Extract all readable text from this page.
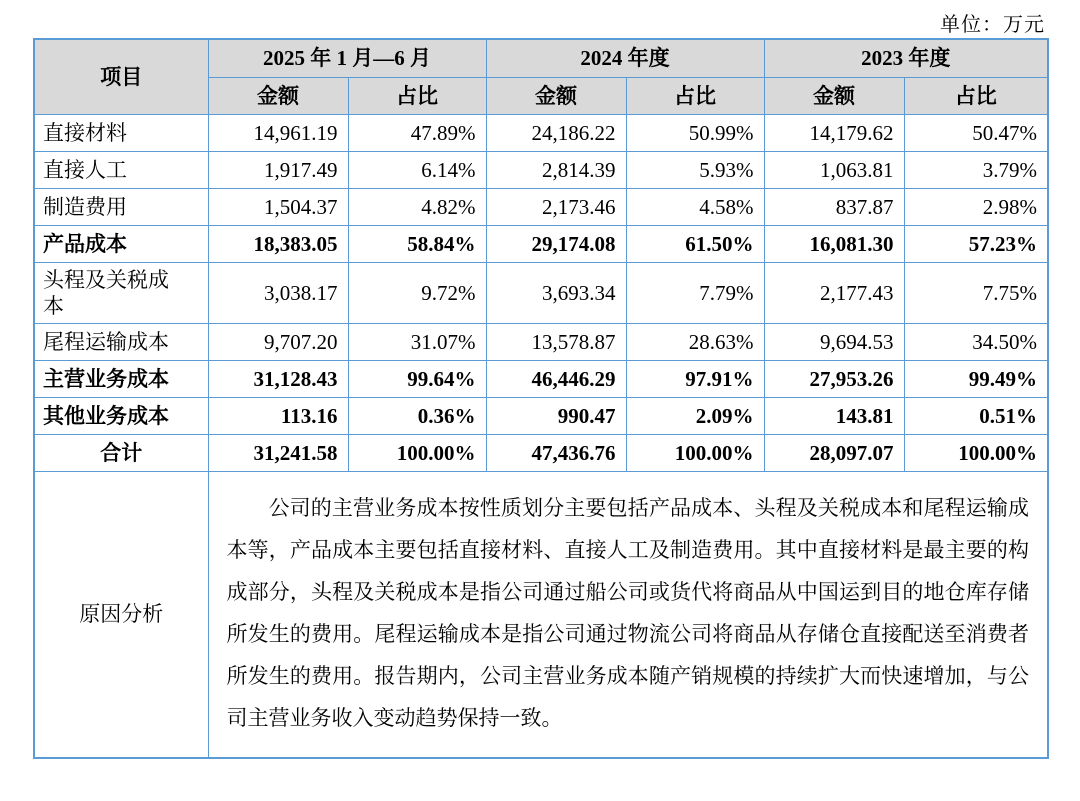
单位：万元
项目	2025 年 1 月—6 月		2024 年度		2023 年度	
	金额	占比	金额	占比	金额	占比
直接材料	14,961.19	47.89%	24,186.22	50.99%	14,179.62	50.47%
直接人工	1,917.49	6.14%	2,814.39	5.93%	1,063.81	3.79%
制造费用	1,504.37	4.82%	2,173.46	4.58%	837.87	2.98%
产品成本	18,383.05	58.84%	29,174.08	61.50%	16,081.30	57.23%
头程及关税成本	3,038.17	9.72%	3,693.34	7.79%	2,177.43	7.75%
尾程运输成本	9,707.20	31.07%	13,578.87	28.63%	9,694.53	34.50%
主营业务成本	31,128.43	99.64%	46,446.29	97.91%	27,953.26	99.49%
其他业务成本	113.16	0.36%	990.47	2.09%	143.81	0.51%
合计	31,241.58	100.00%	47,436.76	100.00%	28,097.07	100.00%
原因分析	公司的主营业务成本按性质划分主要包括产品成本、头程及关税成本和尾程运输成本等，产品成本主要包括直接材料、直接人工及制造费用。其中直接材料是最主要的构成部分，头程及关税成本是指公司通过船公司或货代将商品从中国运到目的地仓库存储所发生的费用。尾程运输成本是指公司通过物流公司将商品从存储仓直接配送至消费者所发生的费用。报告期内，公司主营业务成本随产销规模的持续扩大而快速增加，与公司主营业务收入变动趋势保持一致。					
